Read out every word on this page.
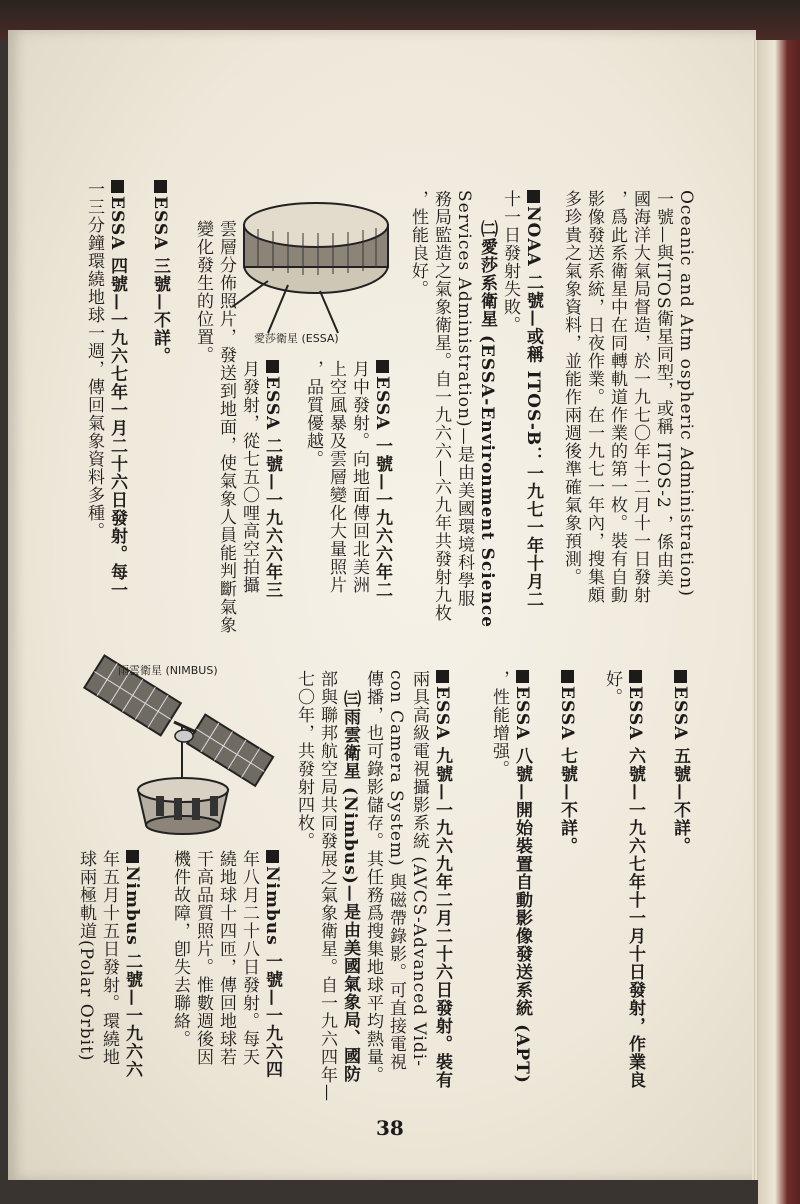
Oceanic and Atm ospheric Administration)
一號—與ITOS衛星同型，或稱 ITOS-2 ，係由美
國海洋大氣局督造，於一九七〇年十二月十一日發射
，爲此系衛星中在同轉軌道作業的第一枚。裝有自動
影像發送系統，日夜作業。在一九七一年內，搜集頗
多珍貴之氣象資料，並能作兩週後準確氣象預測。
NOAA 二號—或稱 ITOS-B：一九七一年十月二
十一日發射失敗。
㈡愛莎系衛星 (ESSA-Environment Science
Services Administration)—是由美國環境科學服
務局監造之氣象衛星。自一九六六—六九年共發射九枚
，性能良好。
ESSA 一號—一九六六年二
月中發射。向地面傳回北美洲
上空風暴及雲層變化大量照片
，品質優越。
ESSA 二號—一九六六年三
月發射，從七五〇哩高空拍攝
雲層分佈照片，發送到地面，使氣象人員能判斷氣象
變化發生的位置。
ESSA 三號—不詳。
ESSA 四號—一九六七年一月二十六日發射。每一
一三分鐘環繞地球一週，傳回氣象資料多種。	愛莎衛星 (ESSA)
ESSA 五號—不詳。
ESSA 六號—一九六七年十一月十日發射，作業良
好。
ESSA 七號—不詳。
ESSA 八號—開始裝置自動影像發送系統 (APT)
，性能增强。
ESSA 九號—一九六九年二月二十六日發射。裝有
兩具高級電視攝影系統 (AVCS-Advanced Vidi-
con Camera System) 與磁帶錄影。可直接電視
傳播，也可錄影儲存。其任務爲搜集地球平均熱量。
㈢雨雲衛星 (Nimbus)—是由美國氣象局、國防
部與聯邦航空局共同發展之氣象衛星。自一九六四年—
七〇年，共發射四枚。
Nimbus 一號—一九六四
年八月二十八日發射。每天
繞地球十四匝，傳回地球若
干高品質照片。惟數週後因
機件故障，卽失去聯絡。
Nimbus 二號—一九六六
年五月十五日發射。環繞地
球兩極軌道(Polar Orbit)
雨雲衛星 (NIMBUS)
38
